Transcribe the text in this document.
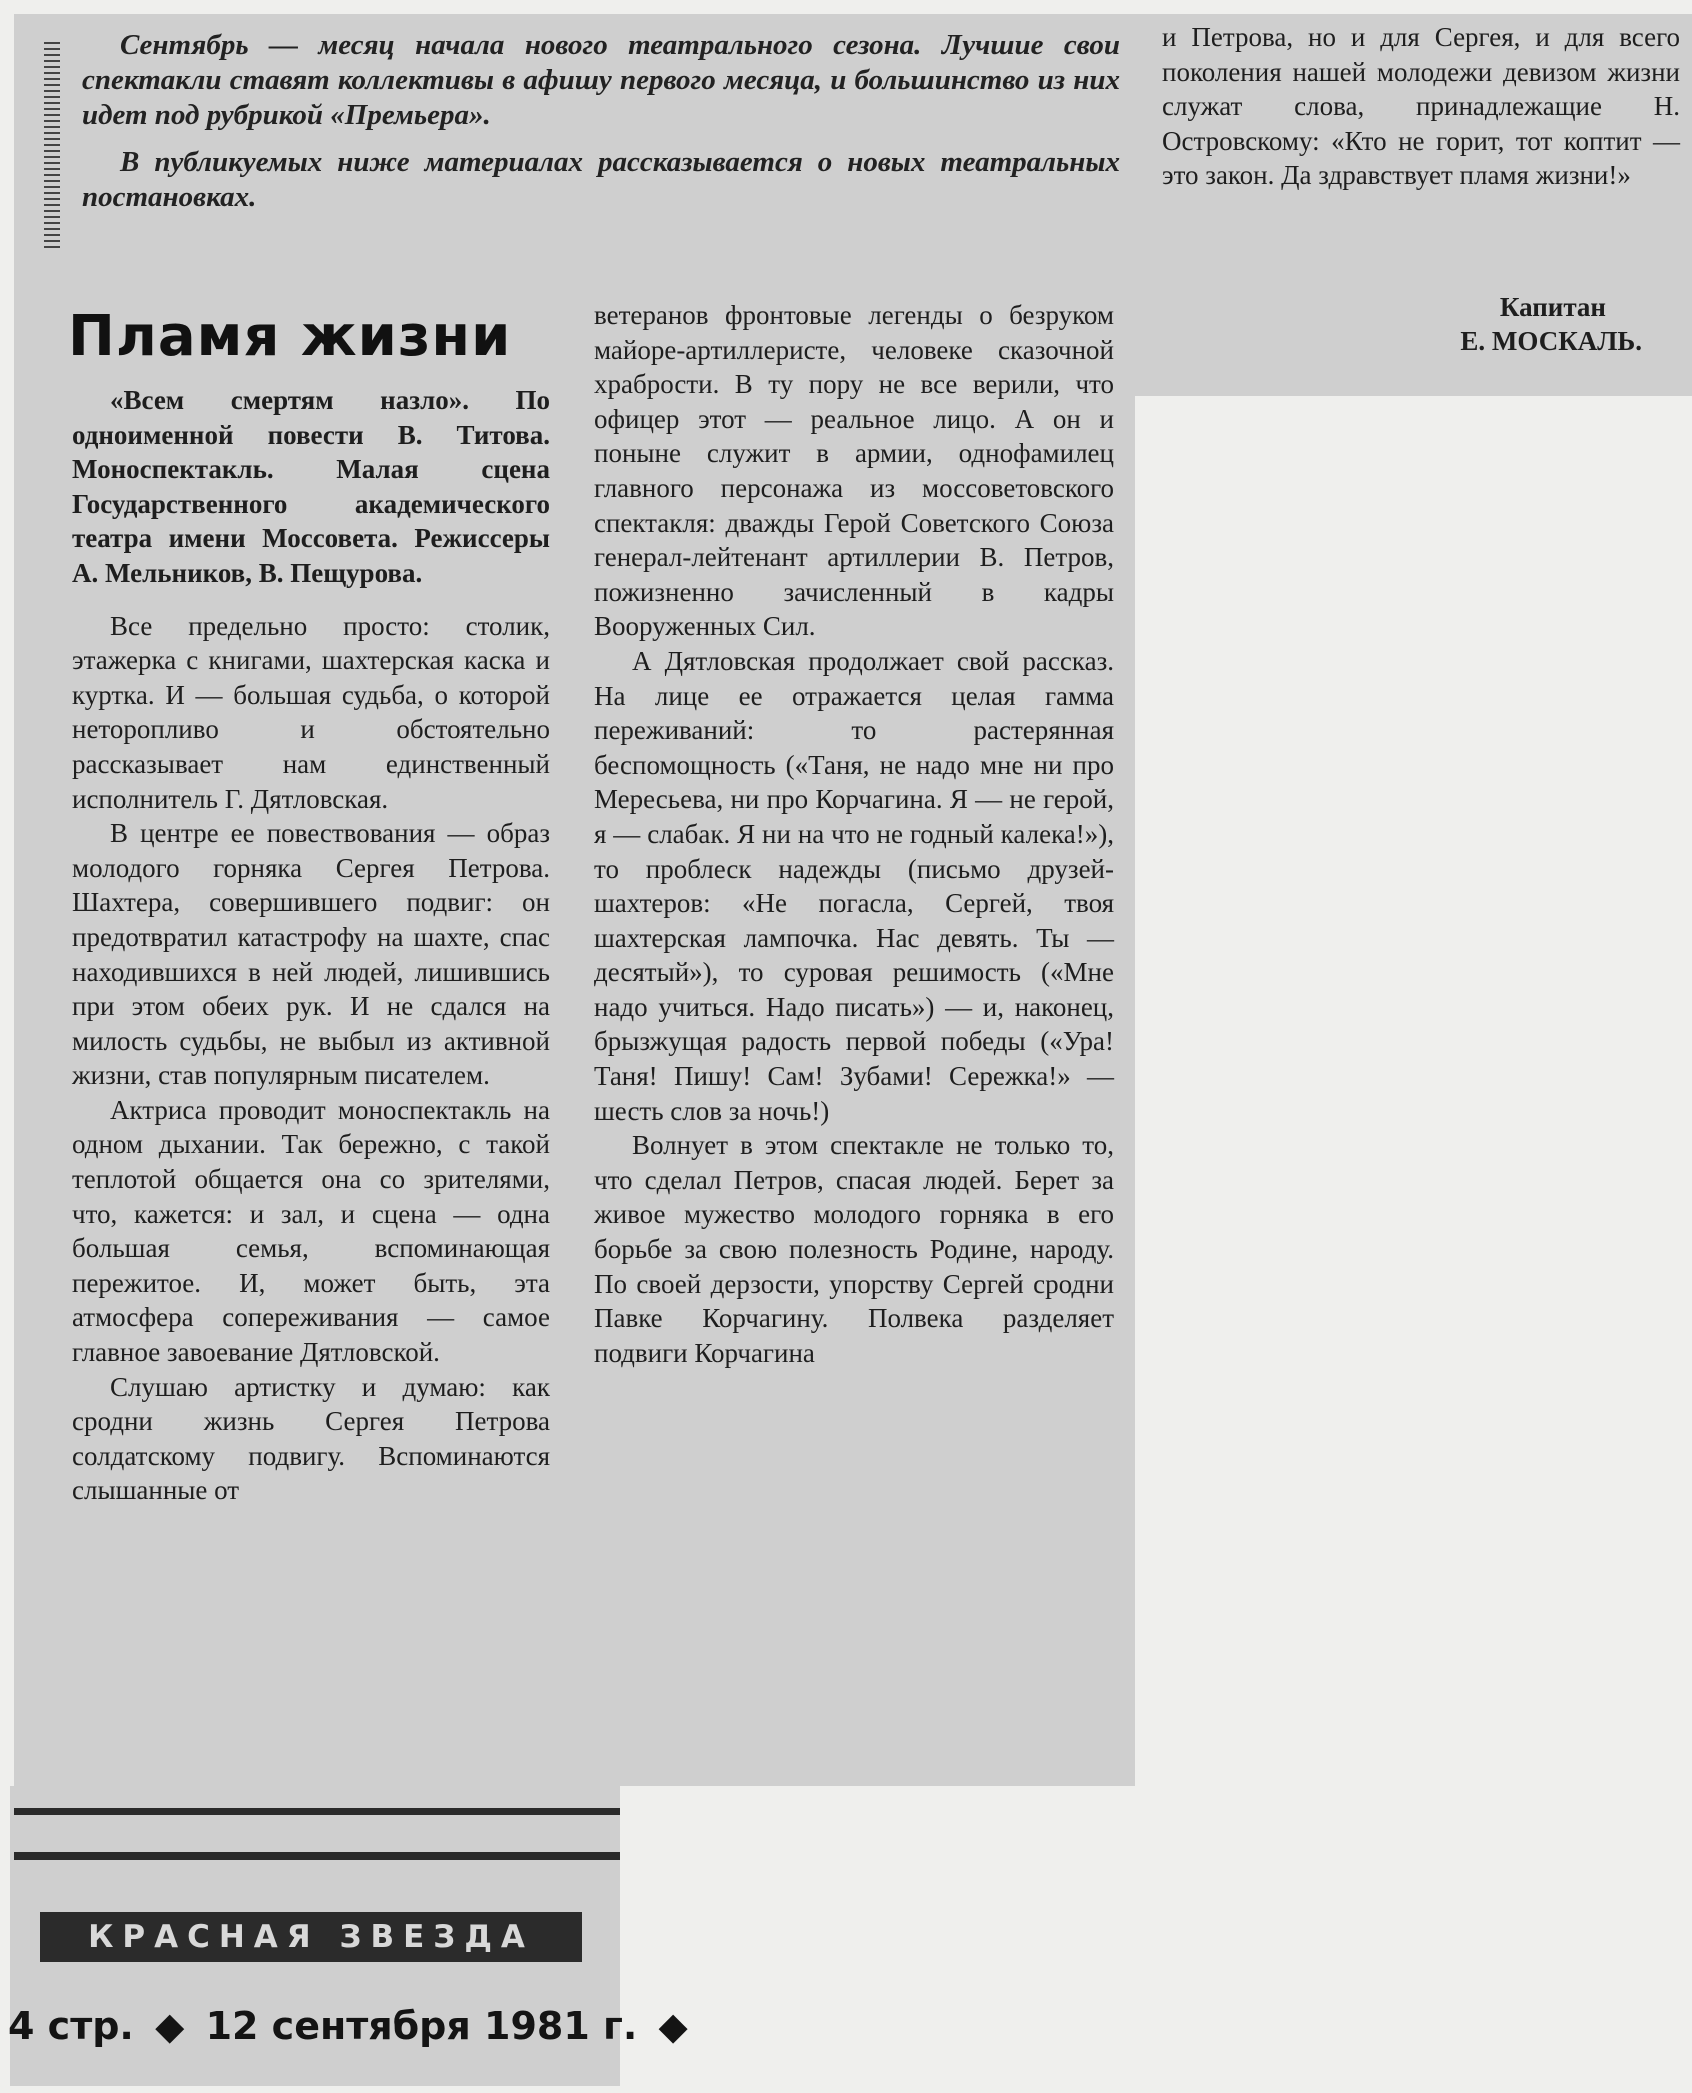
Сентябрь — месяц начала нового театрального сезона. Лучшие свои спектакли ставят коллективы в афишу первого месяца, и большинство из них идет под рубрикой «Премьера».

В публикуемых ниже материалах рассказывается о новых театральных постановках.

Пламя жизни

«Всем смертям назло». По одноименной повести В. Титова. Моноспектакль. Малая сцена Государственного академического театра имени Моссовета. Режиссеры А. Мельников, В. Пещурова.

Все предельно просто: столик, этажерка с книгами, шахтерская каска и куртка. И — большая судьба, о которой неторопливо и обстоятельно рассказывает нам единственный исполнитель Г. Дятловская.

В центре ее повествования — образ молодого горняка Сергея Петрова. Шахтера, совершившего подвиг: он предотвратил катастрофу на шахте, спас находившихся в ней людей, лишившись при этом обеих рук. И не сдался на милость судьбы, не выбыл из активной жизни, став популярным писателем.

Актриса проводит моноспектакль на одном дыхании. Так бережно, с такой теплотой общается она со зрителями, что, кажется: и зал, и сцена — одна большая семья, вспоминающая пережитое. И, может быть, эта атмосфера сопереживания — самое главное завоевание Дятловской.

Слушаю артистку и думаю: как сродни жизнь Сергея Петрова солдатскому подвигу. Вспоминаются слышанные от

ветеранов фронтовые легенды о безруком майоре-артиллеристе, человеке сказочной храбрости. В ту пору не все верили, что офицер этот — реальное лицо. А он и поныне служит в армии, однофамилец главного персонажа из моссоветовского спектакля: дважды Герой Советского Союза генерал-лейтенант артиллерии В. Петров, пожизненно зачисленный в кадры Вооруженных Сил.

А Дятловская продолжает свой рассказ. На лице ее отражается целая гамма переживаний: то растерянная беспомощность («Таня, не надо мне ни про Мересьева, ни про Корчагина. Я — не герой, я — слабак. Я ни на что не годный калека!»), то проблеск надежды (письмо друзей-шахтеров: «Не погасла, Сергей, твоя шахтерская лампочка. Нас девять. Ты — десятый»), то суровая решимость («Мне надо учиться. Надо писать») — и, наконец, брызжущая радость первой победы («Ура! Таня! Пишу! Сам! Зубами! Сережка!» — шесть слов за ночь!)

Волнует в этом спектакле не только то, что сделал Петров, спасая людей. Берет за живое мужество молодого горняка в его борьбе за свою полезность Родине, народу. По своей дерзости, упорству Сергей сродни Павке Корчагину. Полвека разделяет подвиги Корчагина

и Петрова, но и для Сергея, и для всего поколения нашей молодежи девизом жизни служат слова, принадлежащие Н. Островскому: «Кто не горит, тот коптит — это закон. Да здравствует пламя жизни!»

Капитан
Е. МОСКАЛЬ.
КРАСНАЯ ЗВЕЗДА
4 стр. ◆ 12 сентября 1981 г. ◆
